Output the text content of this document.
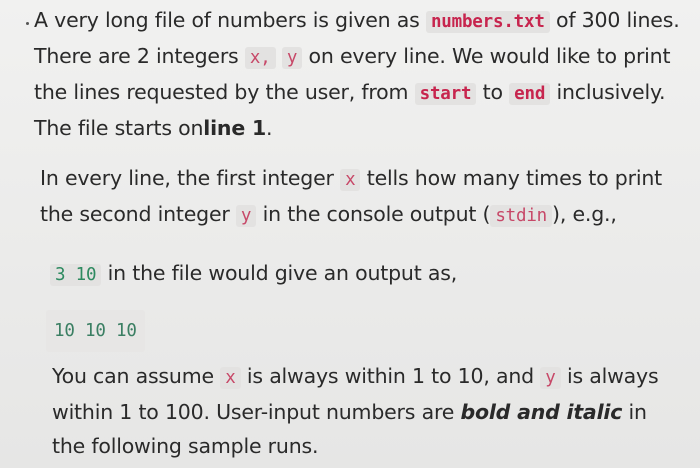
A very long file of numbers is given as numbers.txt of 300 lines. There are 2 integers x, y on every line. We would like to print the lines requested by the user, from start to end inclusively. The file starts online 1.
In every line, the first integer x tells how many times to print the second integer y in the console output ( stdin ), e.g.,
3 10 in the file would give an output as,
10 10 10
You can assume x is always within 1 to 10, and y is always within 1 to 100. User-input numbers are bold and italic in the following sample runs.
